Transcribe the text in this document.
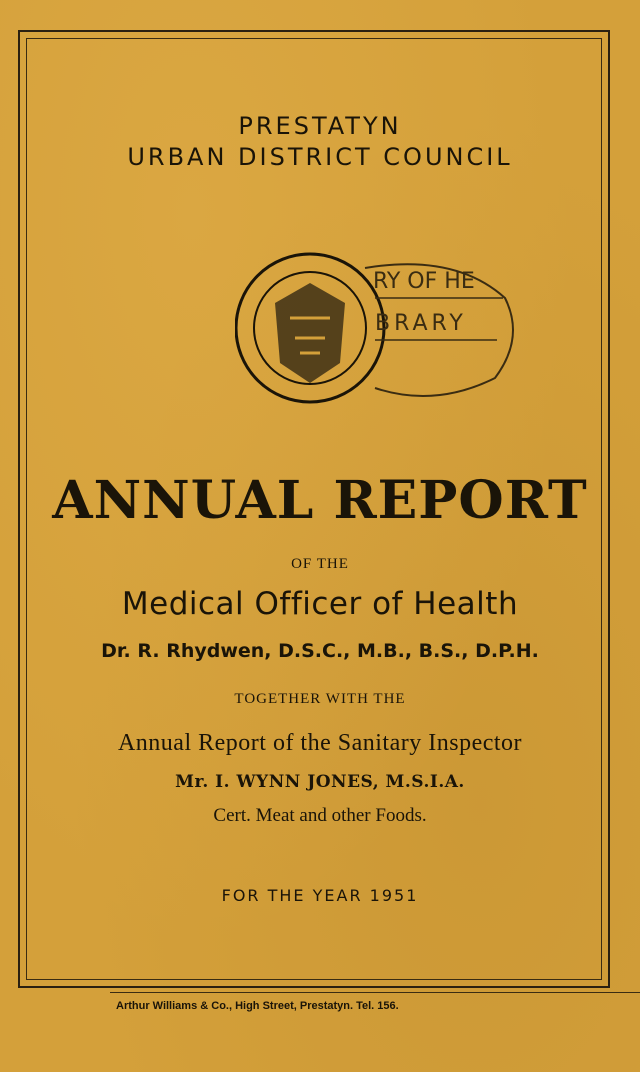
PRESTATYN
URBAN DISTRICT COUNCIL
RY OF HE
BRARY
ANNUAL REPORT
OF THE
Medical Officer of Health
Dr. R. Rhydwen, D.S.C., M.B., B.S., D.P.H.
TOGETHER WITH THE
Annual Report of the Sanitary Inspector
Mr. I. WYNN JONES, M.S.I.A.
Cert. Meat and other Foods.
FOR THE YEAR 1951
Arthur Williams & Co., High Street, Prestatyn. Tel. 156.
